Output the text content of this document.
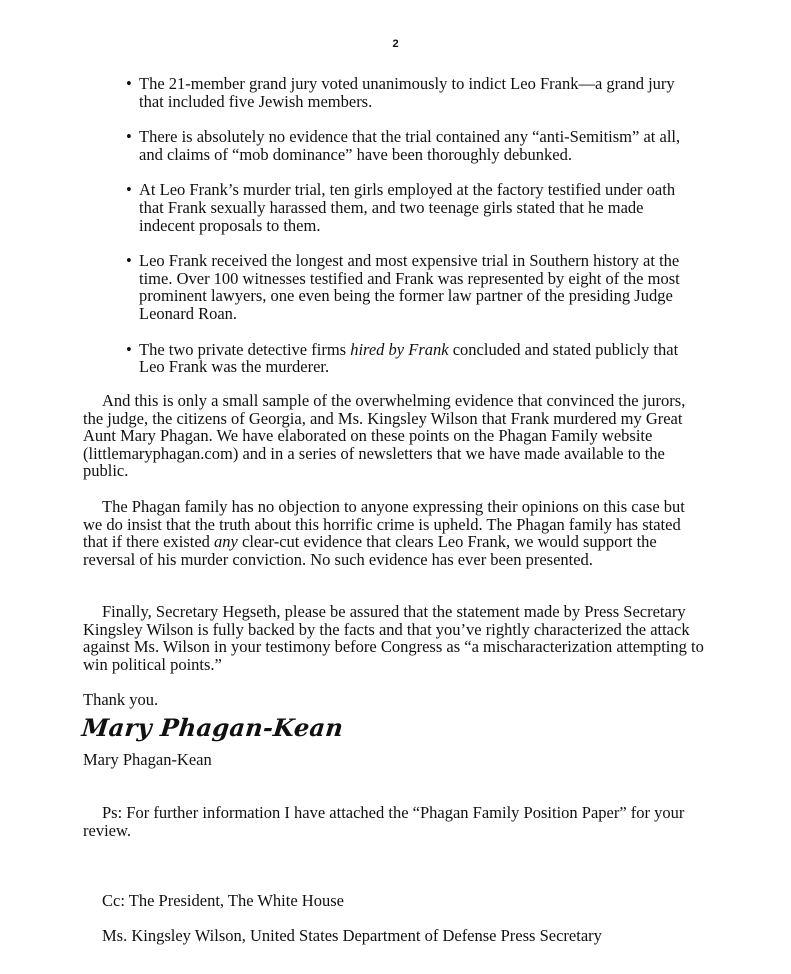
2
• The 21-member grand jury voted unanimously to indict Leo Frank—a grand jury that included five Jewish members.
• There is absolutely no evidence that the trial contained any “anti-Semitism” at all, and claims of “mob dominance” have been thoroughly debunked.
• At Leo Frank’s murder trial, ten girls employed at the factory testified under oath that Frank sexually harassed them, and two teenage girls stated that he made indecent proposals to them.
• Leo Frank received the longest and most expensive trial in Southern history at the time. Over 100 witnesses testified and Frank was represented by eight of the most prominent lawyers, one even being the former law partner of the presiding Judge Leonard Roan.
• The two private detective firms hired by Frank concluded and stated publicly that Leo Frank was the murderer.

And this is only a small sample of the overwhelming evidence that convinced the jurors, the judge, the citizens of Georgia, and Ms. Kingsley Wilson that Frank murdered my Great Aunt Mary Phagan. We have elaborated on these points on the Phagan Family website (littlemaryphagan.com) and in a series of newsletters that we have made available to the public.

The Phagan family has no objection to anyone expressing their opinions on this case but we do insist that the truth about this horrific crime is upheld. The Phagan family has stated that if there existed any clear-cut evidence that clears Leo Frank, we would support the reversal of his murder conviction. No such evidence has ever been presented.

Finally, Secretary Hegseth, please be assured that the statement made by Press Secretary Kingsley Wilson is fully backed by the facts and that you’ve rightly characterized the attack against Ms. Wilson in your testimony before Congress as “a mischaracterization attempting to win political points.”

Thank you.

Mary Phagan-Kean

Mary Phagan-Kean

Ps: For further information I have attached the “Phagan Family Position Paper” for your review.

Cc: The President, The White House

Ms. Kingsley Wilson, United States Department of Defense Press Secretary
